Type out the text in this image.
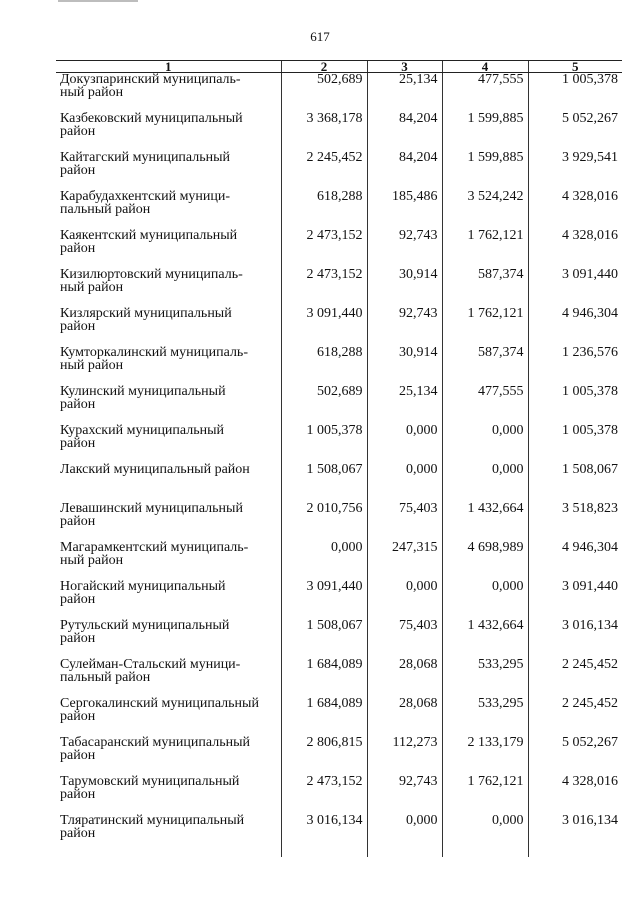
617
1	2	3	4	5

Докузпаринский муниципаль-
ный район	502,689	25,134	477,555	1 005,378

Казбековский муниципальный
район	3 368,178	84,204	1 599,885	5 052,267

Кайтагский муниципальный
район	2 245,452	84,204	1 599,885	3 929,541

Карабудахкентский муници-
пальный район	618,288	185,486	3 524,242	4 328,016

Каякентский муниципальный
район	2 473,152	92,743	1 762,121	4 328,016

Кизилюртовский муниципаль-
ный район	2 473,152	30,914	587,374	3 091,440

Кизлярский муниципальный
район	3 091,440	92,743	1 762,121	4 946,304

Кумторкалинский муниципаль-
ный район	618,288	30,914	587,374	1 236,576

Кулинский муниципальный
район	502,689	25,134	477,555	1 005,378

Курахский муниципальный
район	1 005,378	0,000	0,000	1 005,378

Лакский муниципальный район	1 508,067	0,000	0,000	1 508,067

Левашинский муниципальный
район	2 010,756	75,403	1 432,664	3 518,823

Магарамкентский муниципаль-
ный район	0,000	247,315	4 698,989	4 946,304

Ногайский муниципальный
район	3 091,440	0,000	0,000	3 091,440

Рутульский муниципальный
район	1 508,067	75,403	1 432,664	3 016,134

Сулейман-Стальский муници-
пальный район	1 684,089	28,068	533,295	2 245,452

Сергокалинский муниципальный
район	1 684,089	28,068	533,295	2 245,452

Табасаранский муниципальный
район	2 806,815	112,273	2 133,179	5 052,267

Тарумовский муниципальный
район	2 473,152	92,743	1 762,121	4 328,016

Тляратинский муниципальный
район	3 016,134	0,000	0,000	3 016,134
